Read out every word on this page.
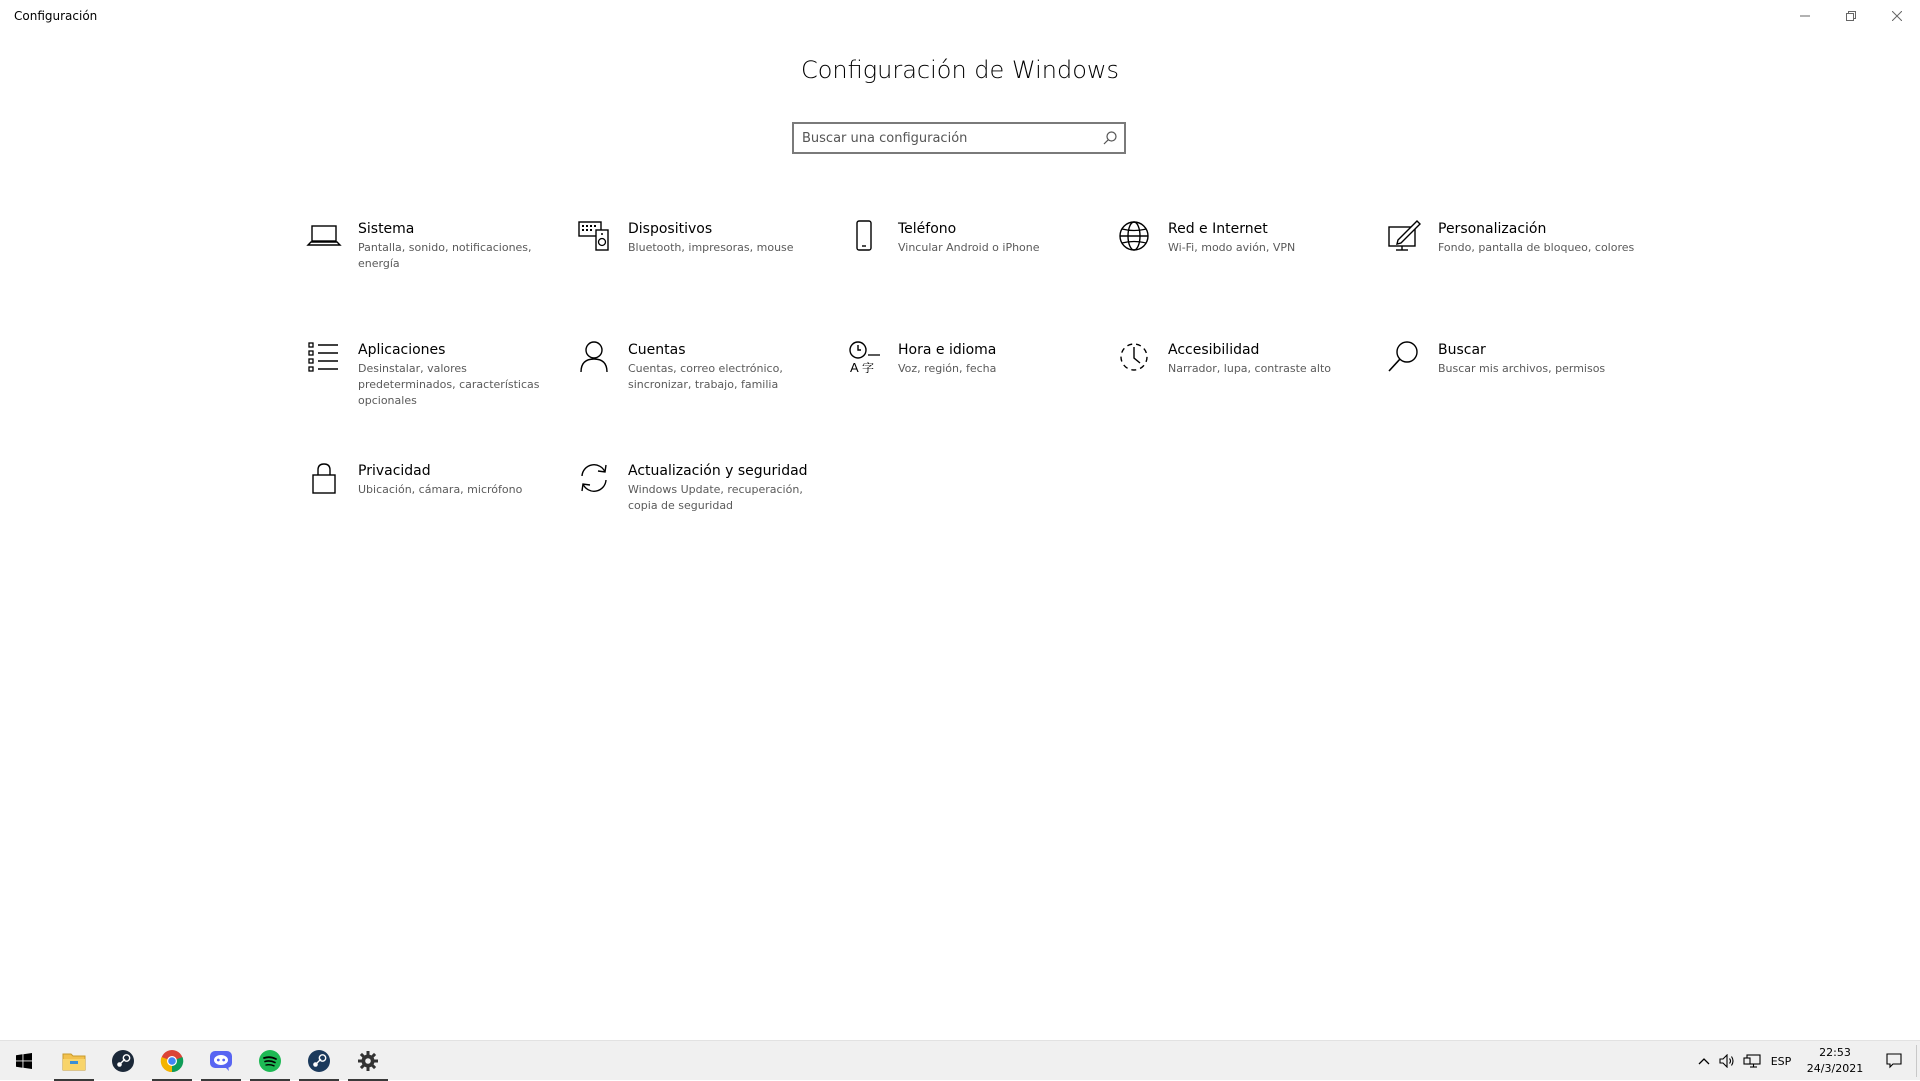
Configuración
Configuración de Windows
Buscar una configuración
Sistema
Pantalla, sonido, notificaciones, energía
Dispositivos
Bluetooth, impresoras, mouse
Teléfono
Vincular Android o iPhone
Red e Internet
Wi-Fi, modo avión, VPN
Personalización
Fondo, pantalla de bloqueo, colores
Aplicaciones
Desinstalar, valores predeterminados, características opcionales
Cuentas
Cuentas, correo electrónico, sincronizar, trabajo, familia
A 字
Hora e idioma
Voz, región, fecha
Accesibilidad
Narrador, lupa, contraste alto
Buscar
Buscar mis archivos, permisos
Privacidad
Ubicación, cámara, micrófono
Actualización y seguridad
Windows Update, recuperación, copia de seguridad
ESP
22:53
24/3/2021
